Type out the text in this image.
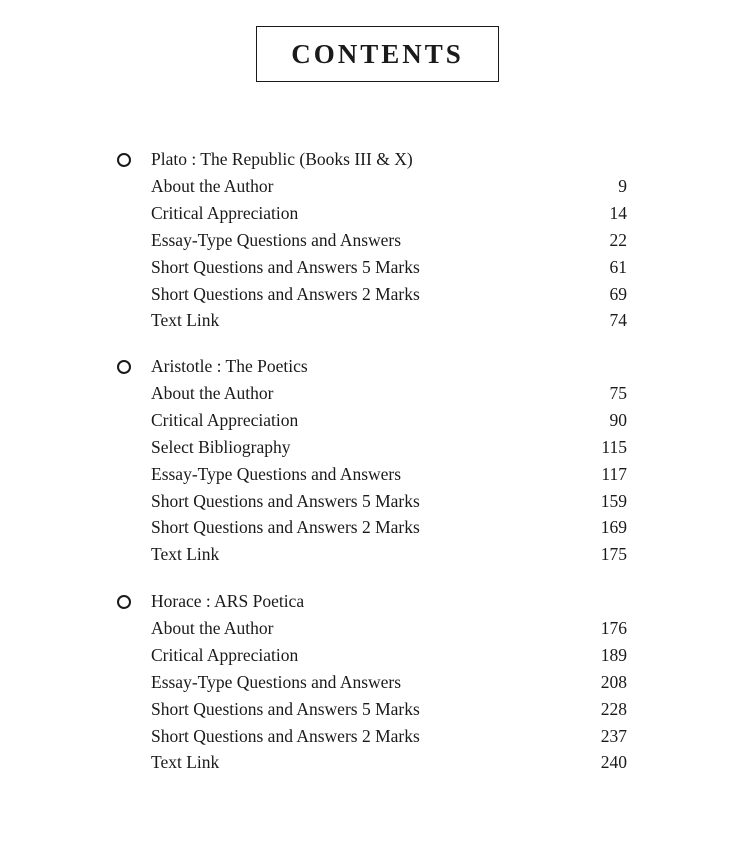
CONTENTS
Plato : The Republic (Books III & X)
About the Author	9
Critical Appreciation	14
Essay-Type Questions and Answers	22
Short Questions and Answers 5 Marks	61
Short Questions and Answers 2 Marks	69
Text Link	74
Aristotle : The Poetics
About the Author	75
Critical Appreciation	90
Select Bibliography	115
Essay-Type Questions and Answers	117
Short Questions and Answers 5 Marks	159
Short Questions and Answers 2 Marks	169
Text Link	175
Horace : ARS Poetica
About the Author	176
Critical Appreciation	189
Essay-Type Questions and Answers	208
Short Questions and Answers 5 Marks	228
Short Questions and Answers 2 Marks	237
Text Link	240
